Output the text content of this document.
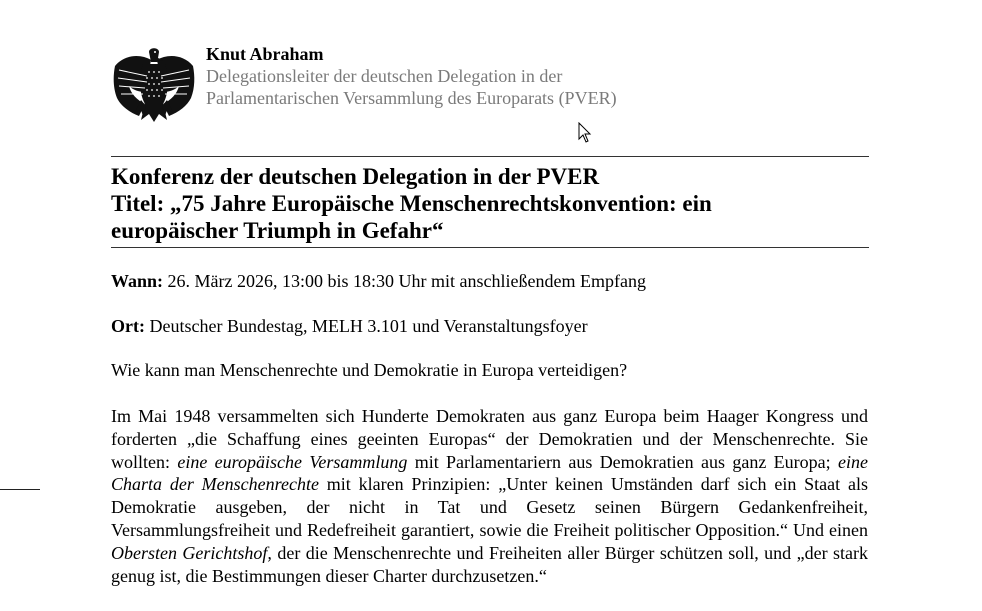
Knut Abraham
Delegationsleiter der deutschen Delegation in der
Parlamentarischen Versammlung des Europarats (PVER)
Konferenz der deutschen Delegation in der PVER
Titel: „75 Jahre Europäische Menschenrechtskonvention: ein
europäischer Triumph in Gefahr“
Wann: 26. März 2026, 13:00 bis 18:30 Uhr mit anschließendem Empfang
Ort: Deutscher Bundestag, MELH 3.101 und Veranstaltungsfoyer
Wie kann man Menschenrechte und Demokratie in Europa verteidigen?
Im Mai 1948 versammelten sich Hunderte Demokraten aus ganz Europa beim Haager Kongress und forderten „die Schaffung eines geeinten Europas“ der Demokratien und der Menschenrechte. Sie wollten: eine europäische Versammlung mit Parlamentariern aus Demokratien aus ganz Europa; eine Charta der Menschenrechte mit klaren Prinzipien: „Unter keinen Umständen darf sich ein Staat als Demokratie ausgeben, der nicht in Tat und Gesetz seinen Bürgern Gedankenfreiheit, Versammlungsfreiheit und Redefreiheit garantiert, sowie die Freiheit politischer Opposition.“ Und einen Obersten Gerichtshof, der die Menschenrechte und Freiheiten aller Bürger schützen soll, und „der stark genug ist, die Bestimmungen dieser Charter durchzusetzen.“
